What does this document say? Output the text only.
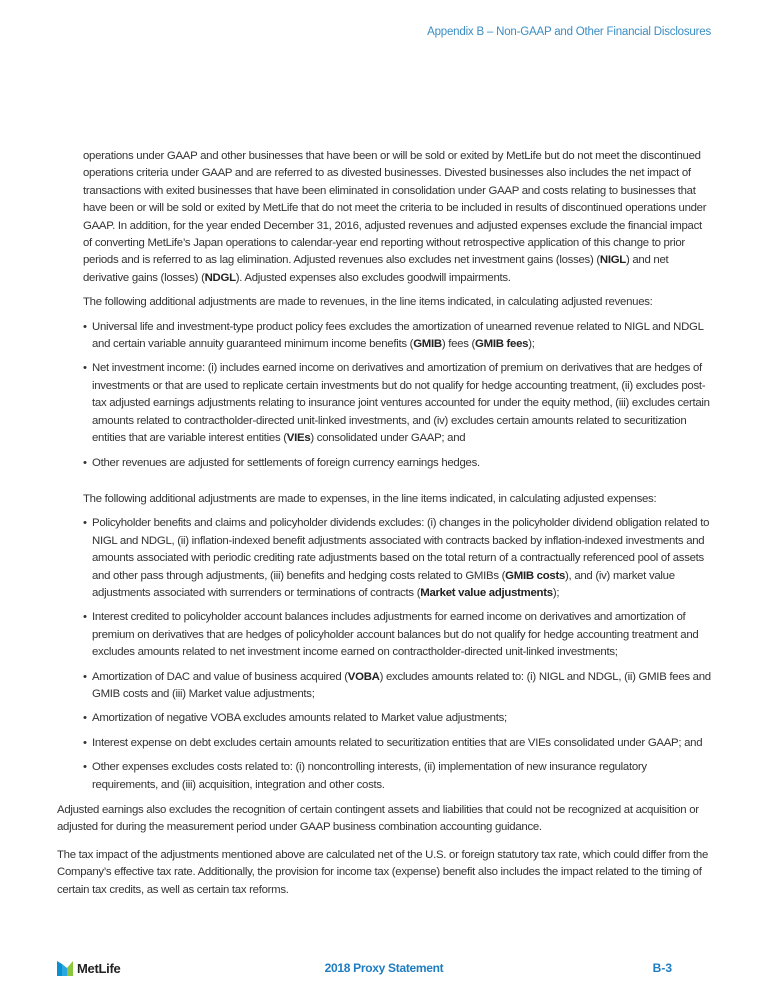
Appendix B – Non-GAAP and Other Financial Disclosures

operations under GAAP and other businesses that have been or will be sold or exited by MetLife but do not meet the discontinued operations criteria under GAAP and are referred to as divested businesses. Divested businesses also includes the net impact of transactions with exited businesses that have been eliminated in consolidation under GAAP and costs relating to businesses that have been or will be sold or exited by MetLife that do not meet the criteria to be included in results of discontinued operations under GAAP. In addition, for the year ended December 31, 2016, adjusted revenues and adjusted expenses exclude the financial impact of converting MetLife’s Japan operations to calendar-year end reporting without retrospective application of this change to prior periods and is referred to as lag elimination. Adjusted revenues also excludes net investment gains (losses) (NIGL) and net derivative gains (losses) (NDGL). Adjusted expenses also excludes goodwill impairments.

The following additional adjustments are made to revenues, in the line items indicated, in calculating adjusted revenues:

• Universal life and investment-type product policy fees excludes the amortization of unearned revenue related to NIGL and NDGL and certain variable annuity guaranteed minimum income benefits (GMIB) fees (GMIB fees);

• Net investment income: (i) includes earned income on derivatives and amortization of premium on derivatives that are hedges of investments or that are used to replicate certain investments but do not qualify for hedge accounting treatment, (ii) excludes post-tax adjusted earnings adjustments relating to insurance joint ventures accounted for under the equity method, (iii) excludes certain amounts related to contractholder-directed unit-linked investments, and (iv) excludes certain amounts related to securitization entities that are variable interest entities (VIEs) consolidated under GAAP; and

• Other revenues are adjusted for settlements of foreign currency earnings hedges.

The following additional adjustments are made to expenses, in the line items indicated, in calculating adjusted expenses:

• Policyholder benefits and claims and policyholder dividends excludes: (i) changes in the policyholder dividend obligation related to NIGL and NDGL, (ii) inflation-indexed benefit adjustments associated with contracts backed by inflation-indexed investments and amounts associated with periodic crediting rate adjustments based on the total return of a contractually referenced pool of assets and other pass through adjustments, (iii) benefits and hedging costs related to GMIBs (GMIB costs), and (iv) market value adjustments associated with surrenders or terminations of contracts (Market value adjustments);

• Interest credited to policyholder account balances includes adjustments for earned income on derivatives and amortization of premium on derivatives that are hedges of policyholder account balances but do not qualify for hedge accounting treatment and excludes amounts related to net investment income earned on contractholder-directed unit-linked investments;

• Amortization of DAC and value of business acquired (VOBA) excludes amounts related to: (i) NIGL and NDGL, (ii) GMIB fees and GMIB costs and (iii) Market value adjustments;

• Amortization of negative VOBA excludes amounts related to Market value adjustments;

• Interest expense on debt excludes certain amounts related to securitization entities that are VIEs consolidated under GAAP; and

• Other expenses excludes costs related to: (i) noncontrolling interests, (ii) implementation of new insurance regulatory requirements, and (iii) acquisition, integration and other costs.

Adjusted earnings also excludes the recognition of certain contingent assets and liabilities that could not be recognized at acquisition or adjusted for during the measurement period under GAAP business combination accounting guidance.

The tax impact of the adjustments mentioned above are calculated net of the U.S. or foreign statutory tax rate, which could differ from the Company’s effective tax rate. Additionally, the provision for income tax (expense) benefit also includes the impact related to the timing of certain tax credits, as well as certain tax reforms.

MetLife	2018 Proxy Statement	B-3
